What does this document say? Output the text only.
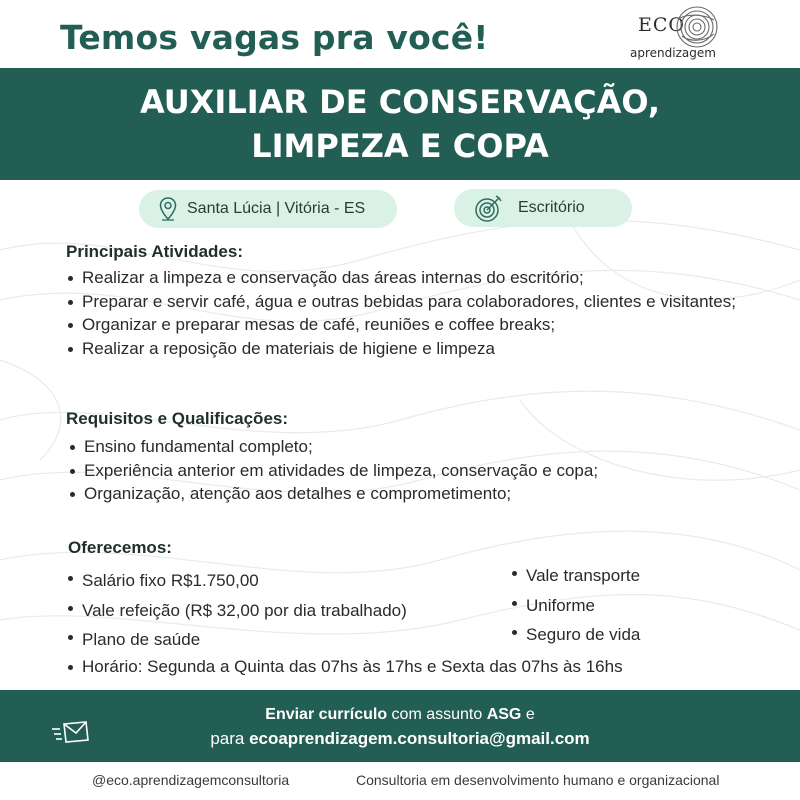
Temos vagas pra você!	ECO
aprendizagem
AUXILIAR DE CONSERVAÇÃO,
LIMPEZA E COPA
Santa Lúcia | Vitória - ES	Escritório
Principais Atividades:
Realizar a limpeza e conservação das áreas internas do escritório;
Preparar e servir café, água e outras bebidas para colaboradores, clientes e visitantes;
Organizar e preparar mesas de café, reuniões e coffee breaks;
Realizar a reposição de materiais de higiene e limpeza
Requisitos e Qualificações:
Ensino fundamental completo;
Experiência anterior em atividades de limpeza, conservação e copa;
Organização, atenção aos detalhes e comprometimento;
Oferecemos:
Salário fixo R$1.750,00
Vale refeição (R$ 32,00 por dia trabalhado)
Plano de saúde
Vale transporte
Uniforme
Seguro de vida
Horário: Segunda a Quinta das 07hs às 17hs e Sexta das 07hs às 16hs
Enviar currículo com assunto ASG e
para ecoaprendizagem.consultoria@gmail.com
@eco.aprendizagemconsultoria	Consultoria em desenvolvimento humano e organizacional
